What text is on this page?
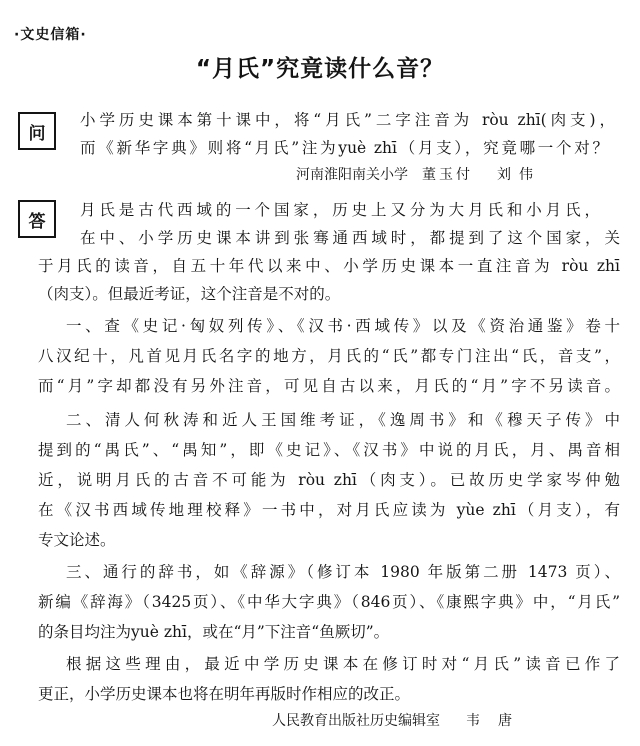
·文史信箱·
“月氏”究竟读什么音？
问
小学历史课本第十课中，将“月氏”二字注音为 ròu zhī(肉支)，
而《新华字典》则将“月氏”注为yuè zhī（月支），究竟哪一个对？
河南淮阳南关小学 董玉付 刘伟
答
月氏是古代西域的一个国家，历史上又分为大月氏和小月氏，
在中、小学历史课本讲到张骞通西域时，都提到了这个国家，关
于月氏的读音，自五十年代以来中、小学历史课本一直注音为 ròu zhī
（肉支）。但最近考证，这个注音是不对的。
一、查《史记·匈奴列传》、《汉书·西域传》以及《资治通鉴》卷十
八汉纪十，凡首见月氏名字的地方，月氏的“氏”都专门注出“氏，音支”，
而“月”字却都没有另外注音，可见自古以来，月氏的“月”字不另读音。
二、清人何秋涛和近人王国维考证，《逸周书》和《穆天子传》中
提到的“禺氏”、“禺知”，即《史记》、《汉书》中说的月氏，月、禺音相
近，说明月氏的古音不可能为 ròu zhī（肉支）。已故历史学家岑仲勉
在《汉书西域传地理校释》一书中，对月氏应读为 yùe zhī（月支），有
专文论述。
三、通行的辞书，如《辞源》（修订本 1980 年版第二册 1473 页）、
新编《辞海》（3425页）、《中华大字典》（846页）、《康熙字典》中，“月氏”
的条目均注为yuè zhī，或在“月”下注音“鱼厥切”。
根据这些理由，最近中学历史课本在修订时对“月氏”读音已作了
更正，小学历史课本也将在明年再版时作相应的改正。
人民教育出版社历史编辑室 韦唐
